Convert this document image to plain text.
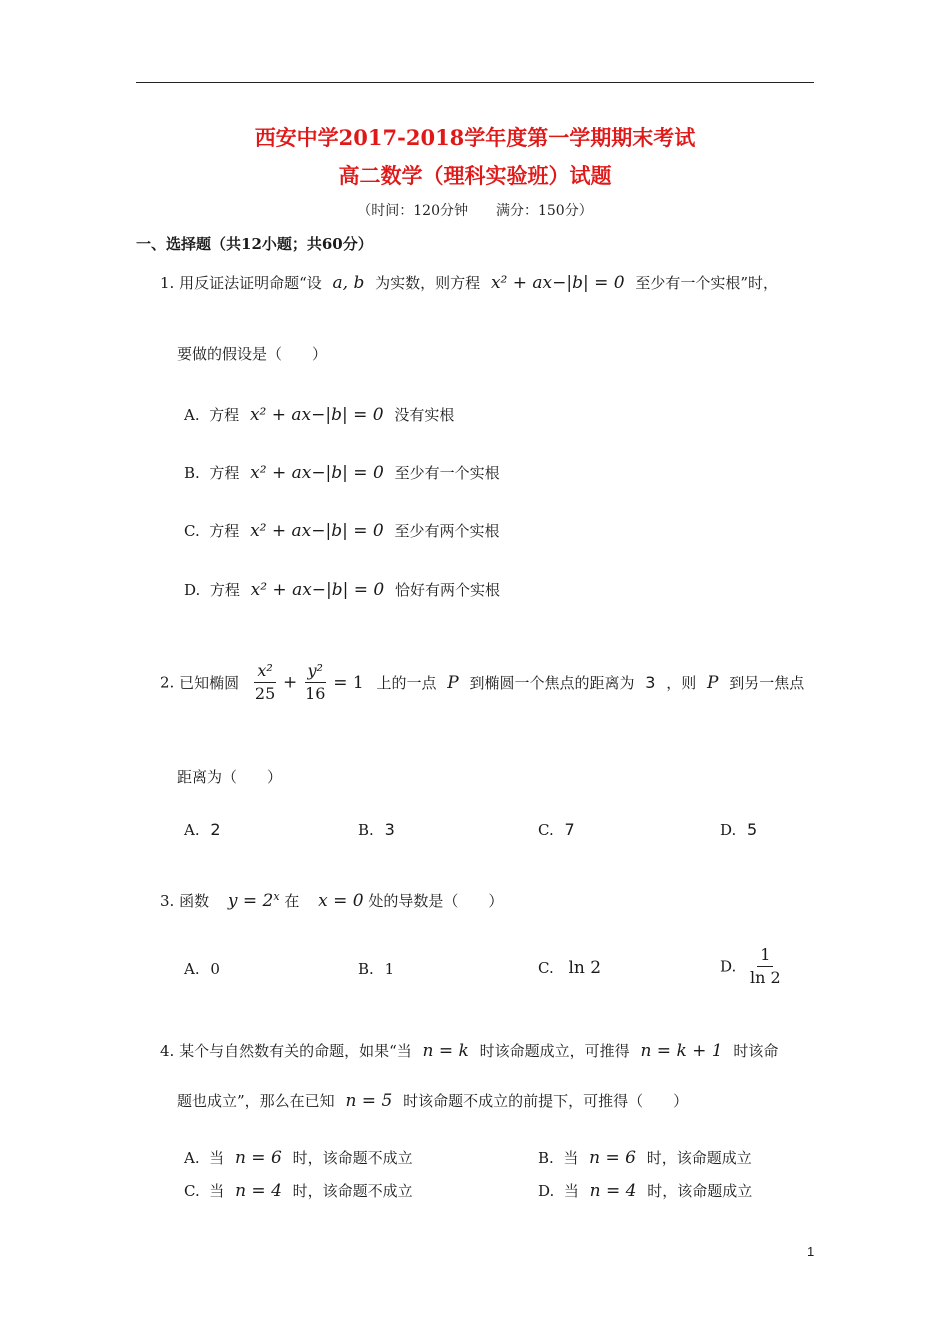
西安中学2017-2018学年度第一学期期末考试
高二数学（理科实验班）试题
（时间：120分钟　　满分：150分）
一、选择题（共12小题；共60分）
1. 用反证法证明命题“设 a, b 为实数，则方程 x² + ax−|b| = 0 至少有一个实根”时，
要做的假设是（　　）
A. 方程 x² + ax−|b| = 0 没有实根
B. 方程 x² + ax−|b| = 0 至少有一个实根
C. 方程 x² + ax−|b| = 0 至少有两个实根
D. 方程 x² + ax−|b| = 0 恰好有两个实根
2. 已知椭圆 $\frac{\text{x²}}{25} + \frac{\text{y²}}{16} = 1$ 上的一点 P 到椭圆一个焦点的距离为 3 ，则 P 到另一焦点
距离为（　　）
A. 2	B. 3	C. 7	D. 5
3. 函数 $y = 2^x$ 在 x = 0 处的导数是（　　）
A. 0	B. 1	C. ln 2	D. $\frac{1}{\ln 2}$
4. 某个与自然数有关的命题，如果“当 n = k 时该命题成立，可推得 n = k + 1 时该命
题也成立”，那么在已知 n = 5 时该命题不成立的前提下，可推得（　　）
A. 当 n = 6 时，该命题不成立	B. 当 n = 6 时，该命题成立
C. 当 n = 4 时，该命题不成立	D. 当 n = 4 时，该命题成立
1
